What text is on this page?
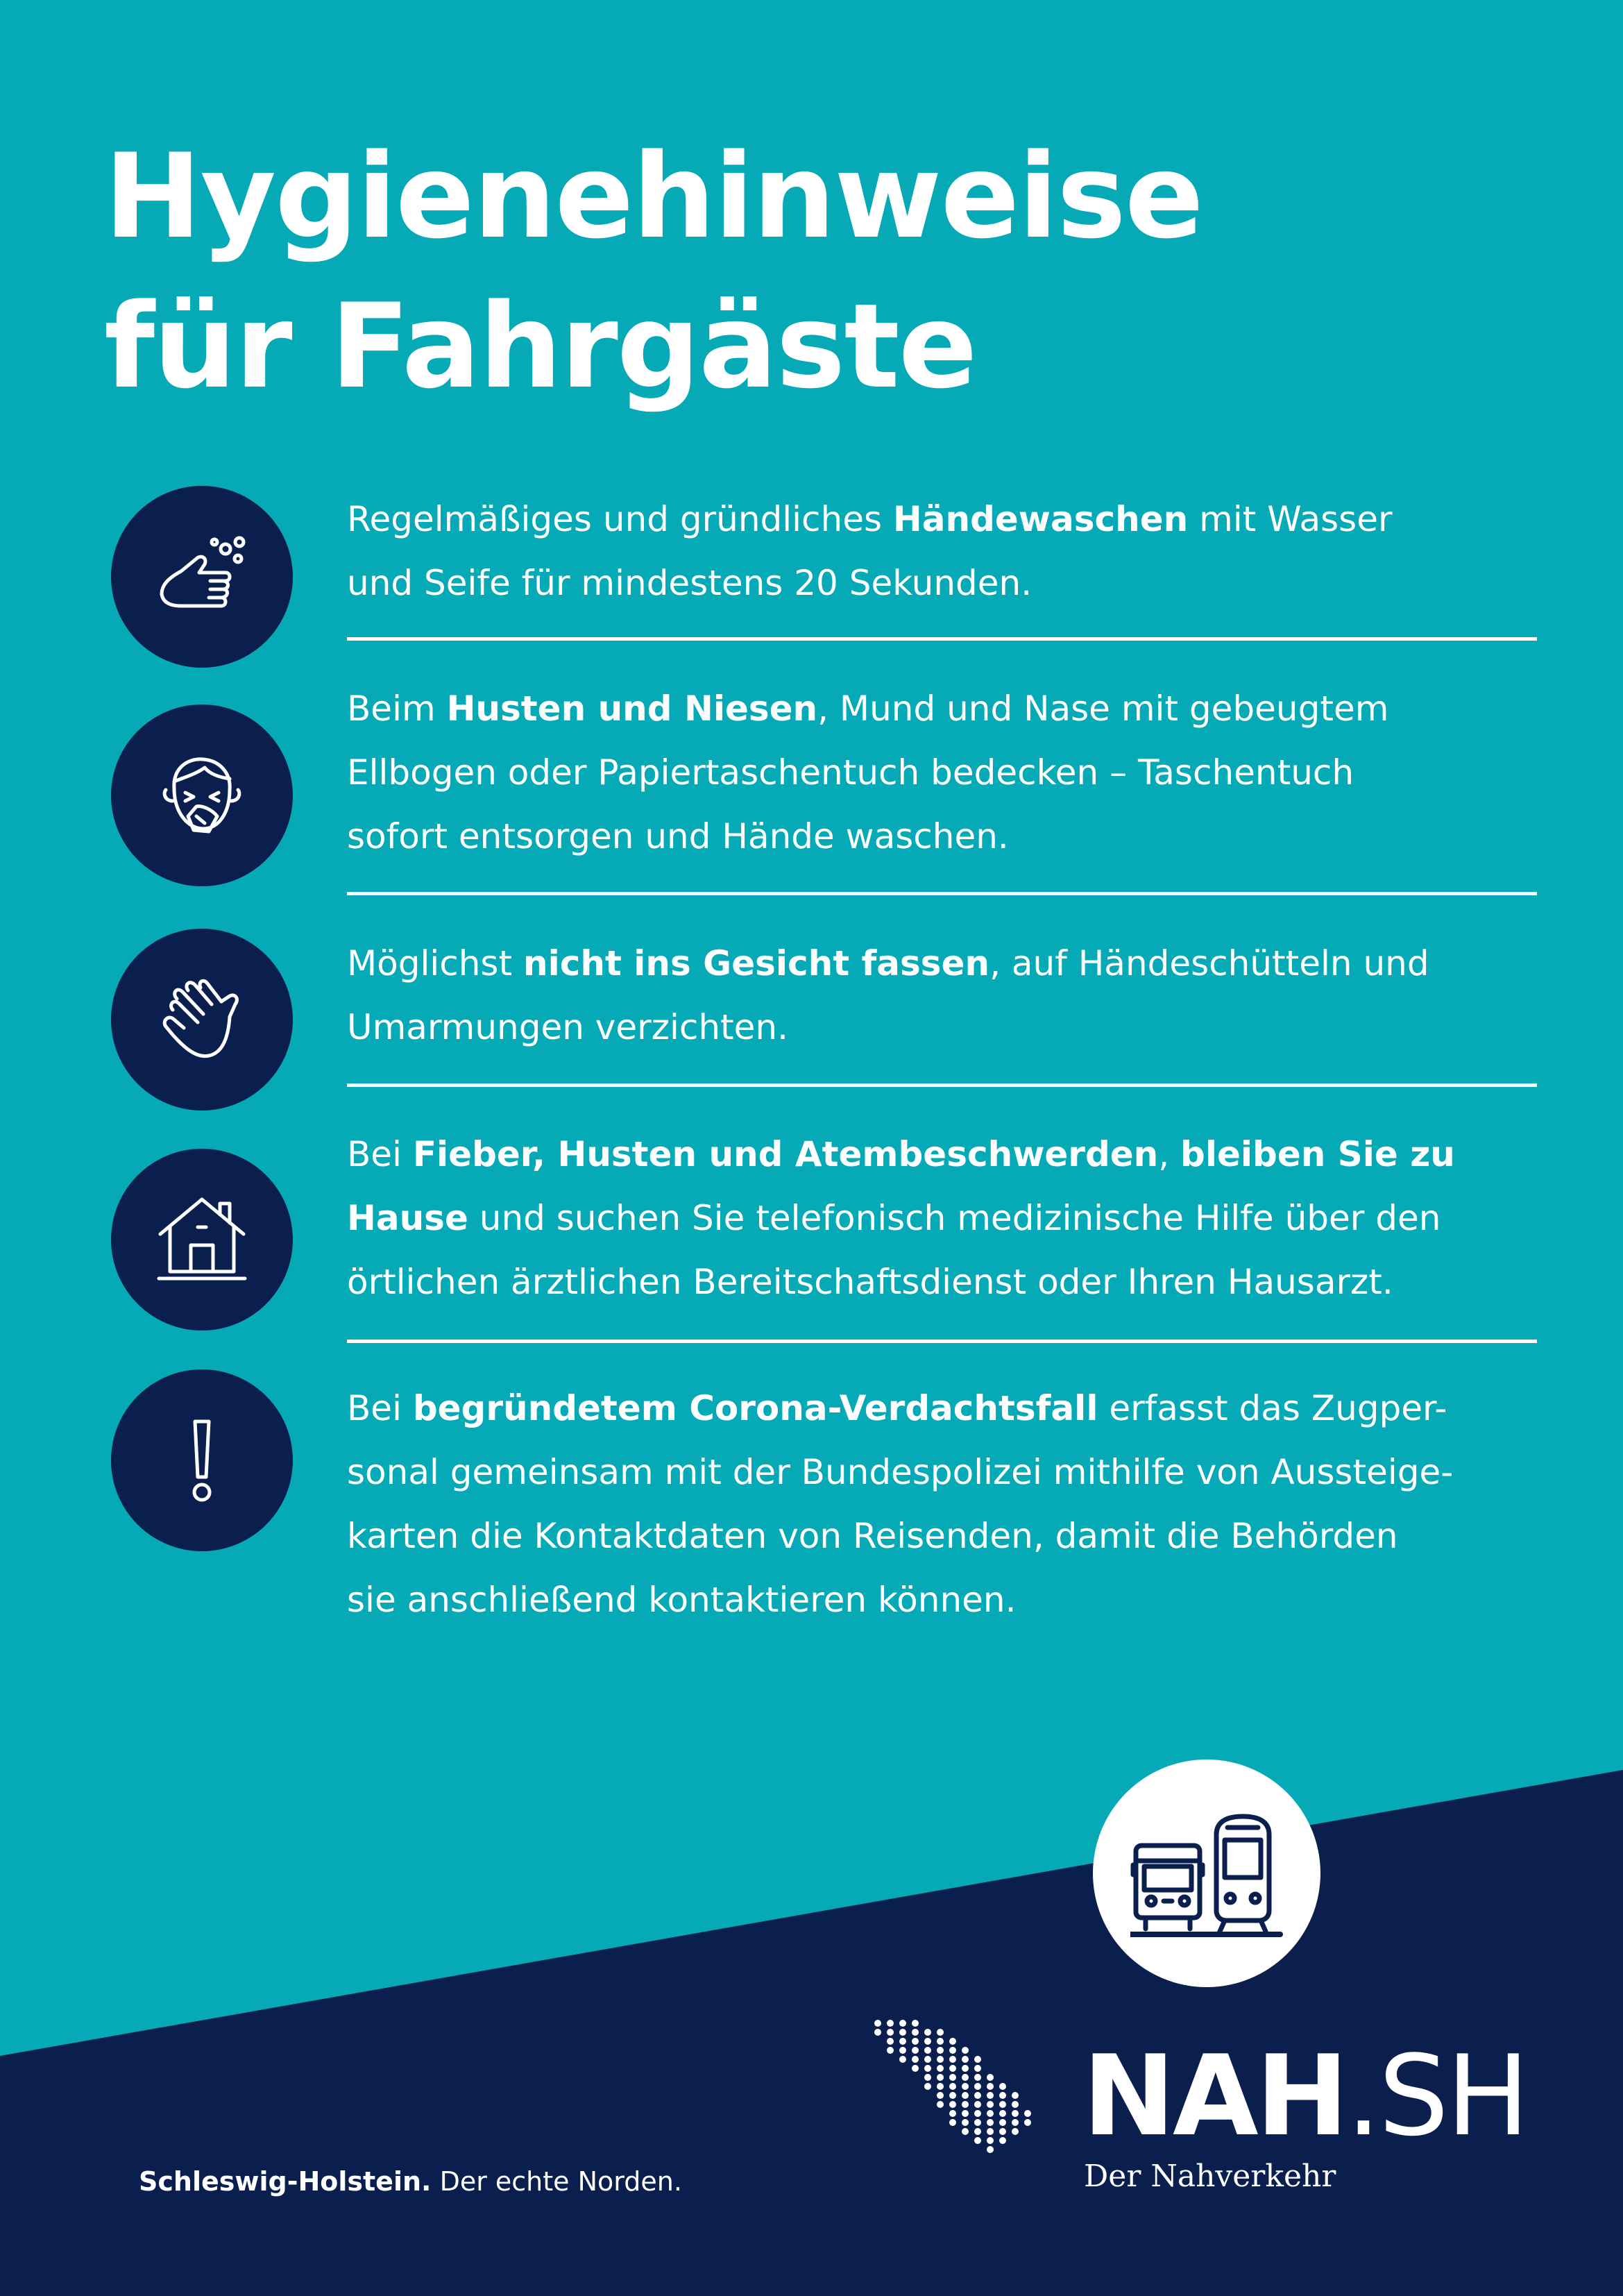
Hygienehinweise
für Fahrgäste

Regelmäßiges und gründliches Händewaschen mit Wasser
und Seife für mindestens 20 Sekunden.

Beim Husten und Niesen, Mund und Nase mit gebeugtem
Ellbogen oder Papiertaschentuch bedecken – Taschentuch
sofort entsorgen und Hände waschen.

Möglichst nicht ins Gesicht fassen, auf Händeschütteln und
Umarmungen verzichten.

Bei Fieber, Husten und Atembeschwerden, bleiben Sie zu
Hause und suchen Sie telefonisch medizinische Hilfe über den
örtlichen ärztlichen Bereitschaftsdienst oder Ihren Hausarzt.

Bei begründetem Corona-Verdachtsfall erfasst das Zugper-
sonal gemeinsam mit der Bundespolizei mithilfe von Aussteige-
karten die Kontaktdaten von Reisenden, damit die Behörden
sie anschließend kontaktieren können.

NAH.SH

Der Nahverkehr

Schleswig-Holstein. Der echte Norden.
